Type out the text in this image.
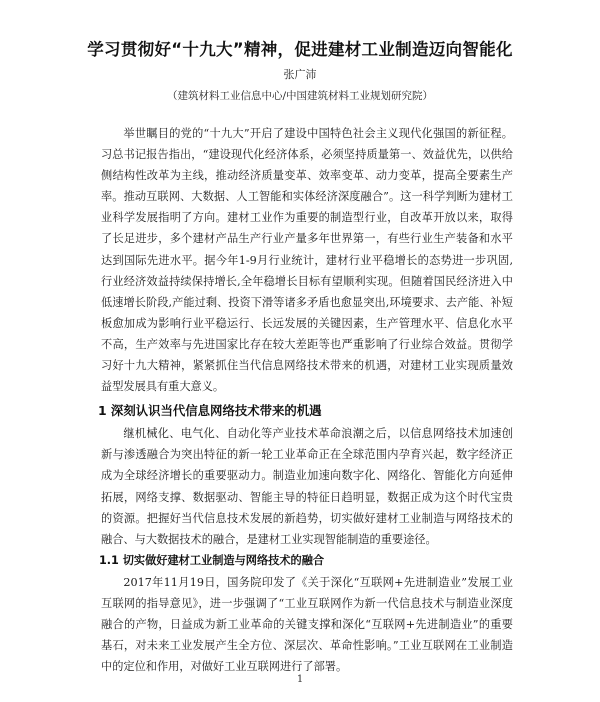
学习贯彻好“十九大”精神，促进建材工业制造迈向智能化
张广沛
（建筑材料工业信息中心/中国建筑材料工业规划研究院）

举世瞩目的党的“十九大”开启了建设中国特色社会主义现代化强国的新征程。习总书记报告指出，“建设现代化经济体系，必须坚持质量第一、效益优先，以供给侧结构性改革为主线，推动经济质量变革、效率变革、动力变革，提高全要素生产率。推动互联网、大数据、人工智能和实体经济深度融合”。这一科学判断为建材工业科学发展指明了方向。建材工业作为重要的制造型行业，自改革开放以来，取得了长足进步，多个建材产品生产行业产量多年世界第一，有些行业生产装备和水平达到国际先进水平。据今年1-9月行业统计，建材行业平稳增长的态势进一步巩固,行业经济效益持续保持增长,全年稳增长目标有望顺利实现。但随着国民经济进入中低速增长阶段,产能过剩、投资下滑等诸多矛盾也愈显突出,环境要求、去产能、补短板愈加成为影响行业平稳运行、长远发展的关键因素，生产管理水平、信息化水平不高，生产效率与先进国家比存在较大差距等也严重影响了行业综合效益。贯彻学习好十九大精神，紧紧抓住当代信息网络技术带来的机遇，对建材工业实现质量效益型发展具有重大意义。

1 深刻认识当代信息网络技术带来的机遇

继机械化、电气化、自动化等产业技术革命浪潮之后，以信息网络技术加速创新与渗透融合为突出特征的新一轮工业革命正在全球范围内孕育兴起，数字经济正成为全球经济增长的重要驱动力。制造业加速向数字化、网络化、智能化方向延伸拓展，网络支撑、数据驱动、智能主导的特征日趋明显，数据正成为这个时代宝贵的资源。把握好当代信息技术发展的新趋势，切实做好建材工业制造与网络技术的融合、与大数据技术的融合，是建材工业实现智能制造的重要途径。

1.1 切实做好建材工业制造与网络技术的融合

2017年11月19日，国务院印发了《关于深化“互联网+先进制造业”发展工业互联网的指导意见》，进一步强调了“工业互联网作为新一代信息技术与制造业深度融合的产物，日益成为新工业革命的关键支撑和深化“互联网+先进制造业”的重要基石，对未来工业发展产生全方位、深层次、革命性影响。”工业互联网在工业制造中的定位和作用，对做好工业互联网进行了部署。

1
